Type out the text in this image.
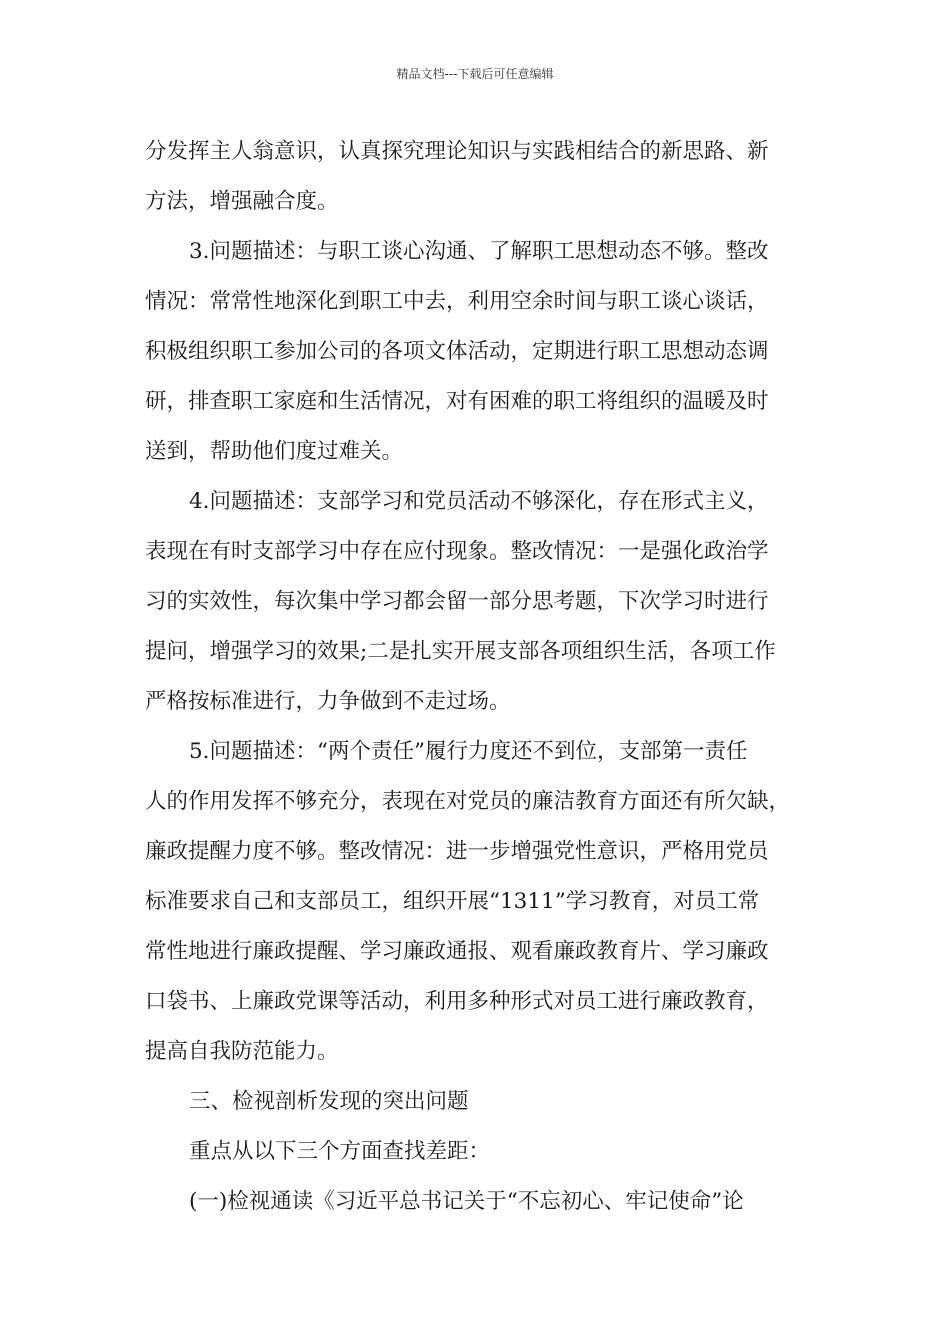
精品文档---下载后可任意编辑
分发挥主人翁意识，认真探究理论知识与实践相结合的新思路、新
方法，增强融合度。
3.问题描述：与职工谈心沟通、了解职工思想动态不够。整改
情况：常常性地深化到职工中去，利用空余时间与职工谈心谈话，
积极组织职工参加公司的各项文体活动，定期进行职工思想动态调
研，排查职工家庭和生活情况，对有困难的职工将组织的温暖及时
送到，帮助他们度过难关。
4.问题描述：支部学习和党员活动不够深化，存在形式主义，
表现在有时支部学习中存在应付现象。整改情况：一是强化政治学
习的实效性，每次集中学习都会留一部分思考题，下次学习时进行
提问，增强学习的效果;二是扎实开展支部各项组织生活，各项工作
严格按标准进行，力争做到不走过场。
5.问题描述：“两个责任”履行力度还不到位，支部第一责任
人的作用发挥不够充分，表现在对党员的廉洁教育方面还有所欠缺，
廉政提醒力度不够。整改情况：进一步增强党性意识，严格用党员
标准要求自己和支部员工，组织开展“1311”学习教育，对员工常
常性地进行廉政提醒、学习廉政通报、观看廉政教育片、学习廉政
口袋书、上廉政党课等活动，利用多种形式对员工进行廉政教育，
提高自我防范能力。
三、检视剖析发现的突出问题
重点从以下三个方面查找差距：
(一)检视通读《习近平总书记关于“不忘初心、牢记使命”论
